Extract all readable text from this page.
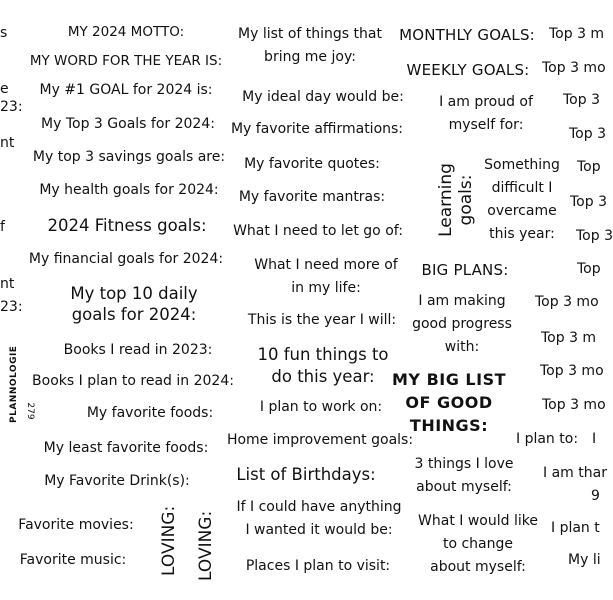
s
e
23:
nt
f
nt
23:
PLANNOLOGIE 279
MY 2024 MOTTO:
MY WORD FOR THE YEAR IS:
My #1 GOAL for 2024 is:
My Top 3 Goals for 2024:
My top 3 savings goals are:
My health goals for 2024:
2024 Fitness goals:
My financial goals for 2024:
My top 10 daily
goals for 2024:
Books I read in 2023:
Books I plan to read in 2024:
My favorite foods:
My least favorite foods:
My Favorite Drink(s):
Favorite movies:
Favorite music: LOVING: LOVING:
My list of things that
bring me joy:
My ideal day would be:
My favorite affirmations:
My favorite quotes:
My favorite mantras:
What I need to let go of:
What I need more of
in my life:
This is the year I will:
10 fun things to
do this year:
I plan to work on:
Home improvement goals:
List of Birthdays:
If I could have anything
I wanted it would be:
Places I plan to visit:
MONTHLY GOALS:
WEEKLY GOALS:
I am proud of
myself for:
Learning goals:
Something
difficult I
overcame
this year:
BIG PLANS:
I am making
good progress
with:
MY BIG LIST
OF GOOD
THINGS:
3 things I love
about myself:
What I would like
to change
about myself:
Top 3 m
Top 3 mo
Top 3
Top 3
Top
Top 3
Top 3
Top
Top 3 mo
Top 3 m
Top 3 mo
Top 3 mo
I plan to: I
I am thar
9
I plan t
My li
